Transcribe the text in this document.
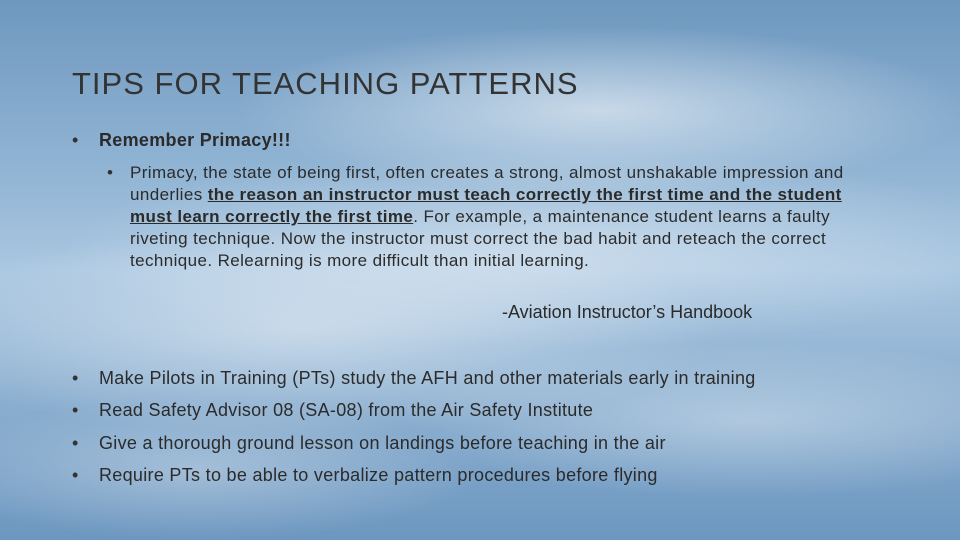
TIPS FOR TEACHING PATTERNS
•	Remember Primacy!!!
•	Primacy, the state of being first, often creates a strong, almost unshakable impression and underlies the reason an instructor must teach correctly the first time and the student must learn correctly the first time. For example, a maintenance student learns a faulty riveting technique. Now the instructor must correct the bad habit and reteach the correct technique. Relearning is more difficult than initial learning.
-Aviation Instructor’s Handbook
•	Make Pilots in Training (PTs) study the AFH and other materials early in training
•	Read Safety Advisor 08 (SA-08) from the Air Safety Institute
•	Give a thorough ground lesson on landings before teaching in the air
•	Require PTs to be able to verbalize pattern procedures before flying
